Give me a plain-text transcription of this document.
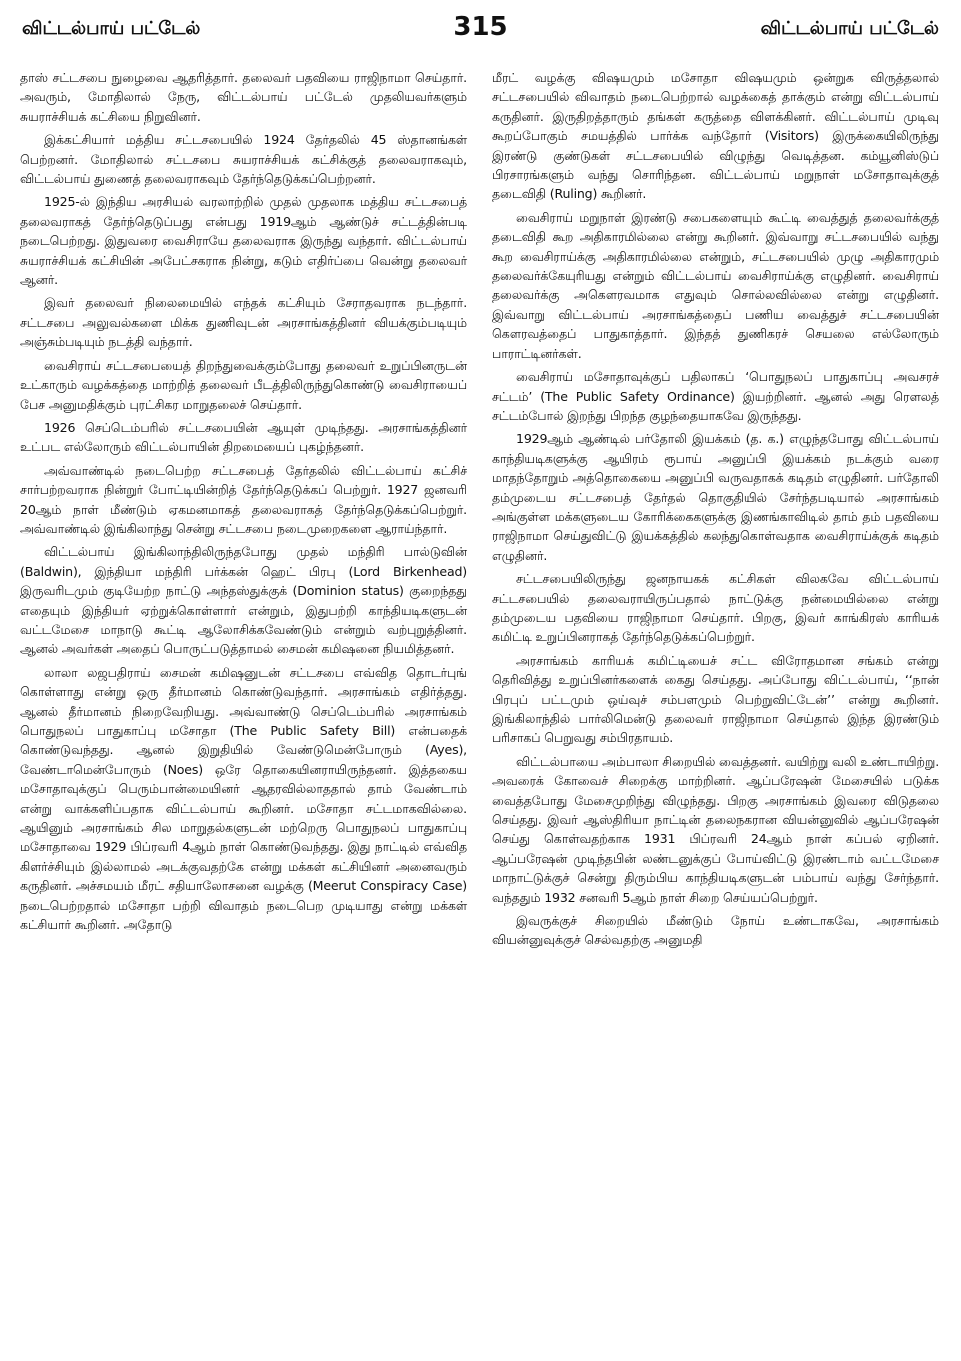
விட்டல்பாய் பட்டேல்	315	விட்டல்பாய் பட்டேல்

தாஸ் சட்டசபை நுழைவை ஆதரித்தார். தலைவர் பதவியை ராஜிநாமா செய்தார். அவரும், மோதிலால் நேரு, விட்டல்பாய் பட்டேல் முதலியவர்களும் சுயராச்சியக் கட்சியை நிறுவினர்.

இக்கட்சியார் மத்திய சட்டசபையில் 1924 தேர்தலில் 45 ஸ்தானங்கள் பெற்றனர். மோதிலால் சட்டசபை சுயராச்சியக் கட்சிக்குத் தலைவராகவும், விட்டல்பாய் துணைத் தலைவராகவும் தேர்ந்தெடுக்கப்பெற்றனர்.

1925-ல் இந்திய அரசியல் வரலாற்றில் முதல் முதலாக மத்திய சட்டசபைத் தலைவராகத் தேர்ந்தெடுப்பது என்பது 1919ஆம் ஆண்டுச் சட்டத்தின்படி நடைபெற்றது. இதுவரை வைசிராயே தலைவராக இருந்து வந்தார். விட்டல்பாய் சுயராச்சியக் கட்சியின் அபேட்சகராக நின்று, கடும் எதிர்ப்பை வென்று தலைவர் ஆனர்.

இவர் தலைவர் நிலைமையில் எந்தக் கட்சியும் சேராதவராக நடந்தார். சட்டசபை அலுவல்களை மிக்க துணிவுடன் அரசாங்கத்தினர் வியக்கும்படியும் அஞ்சும்படியும் நடத்தி வந்தார்.

வைசிராய் சட்டசபையைத் திறந்துவைக்கும்போது தலைவர் உறுப்பினருடன் உட்காரும் வழக்கத்தை மாற்றித் தலைவர் பீடத்திலிருந்துகொண்டு வைசிராயைப் பேச அனுமதிக்கும் புரட்சிகர மாறுதலைச் செய்தார்.

1926 செப்டெம்பரில் சட்டசபையின் ஆயுள் முடிந்தது. அரசாங்கத்தினர் உட்பட எல்லோரும் விட்டல்பாயின் திறமையைப் புகழ்ந்தனர்.

அவ்வாண்டில் நடைபெற்ற சட்டசபைத் தேர்தலில் விட்டல்பாய் கட்சிச் சார்பற்றவராக நின்றுர் போட்டியின்றித் தேர்ந்தெடுக்கப் பெற்றுர். 1927 ஜனவரி 20ஆம் நாள் மீண்டும் ஏகமனமாகத் தலைவராகத் தேர்ந்தெடுக்கப்பெற்றுர். அவ்வாண்டில் இங்கிலாந்து சென்று சட்டசபை நடைமுறைகளை ஆராய்ந்தார்.

விட்டல்பாய் இங்கிலாந்திலிருந்தபோது முதல் மந்திரி பால்டுவின் (Baldwin), இந்தியா மந்திரி பர்க்கன் ஹெட் பிரபு (Lord Birkenhead) இருவரிடமும் குடியேற்ற நாட்டு அந்தஸ்துக்குக் (Dominion status) குறைந்தது எதையும் இந்தியர் ஏற்றுக்கொள்ளார் என்றும், இதுபற்றி காந்தியடிகளுடன் வட்டமேசை மாநாடு கூட்டி ஆலோசிக்கவேண்டும் என்றும் வற்புறுத்தினர். ஆனல் அவர்கள் அதைப் பொருட்படுத்தாமல் சைமன் கமிஷனை நியமித்தனர்.

லாலா லஜபதிராய் சைமன் கமிஷனுடன் சட்டசபை எவ்வித தொடர்புங் கொள்ளாது என்று ஒரு தீர்மானம் கொண்டுவந்தார். அரசாங்கம் எதிர்த்தது. ஆனல் தீர்மானம் நிறைவேறியது. அவ்வாண்டு செப்டெம்பரில் அரசாங்கம் பொதுநலப் பாதுகாப்பு மசோதா (The Public Safety Bill) என்பதைக் கொண்டுவந்தது. ஆனல் இறுதியில் வேண்டுமென்போரும் (Ayes), வேண்டாமென்போரும் (Noes) ஒரே தொகையினராயிருந்தனர். இத்தகைய மசோதாவுக்குப் பெரும்பான்மையினர் ஆதரவில்லாததால் தாம் வேண்டாம் என்று வாக்களிப்பதாக விட்டல்பாய் கூறினர். மசோதா சட்டமாகவில்லை. ஆயினும் அரசாங்கம் சில மாறுதல்களுடன் மற்றெரு பொதுநலப் பாதுகாப்பு மசோதாவை 1929 பிப்ரவரி 4ஆம் நாள் கொண்டுவந்தது. இது நாட்டில் எவ்வித கிளர்ச்சியும் இல்லாமல் அடக்குவதற்கே என்று மக்கள் கட்சியினர் அனைவரும் கருதினர். அச்சமயம் மீரட் சதியாலோசனை வழக்கு (Meerut Conspiracy Case) நடைபெற்றதால் மசோதா பற்றி விவாதம் நடைபெற முடியாது என்று மக்கள் கட்சியார் கூறினர். அதோடு

மீரட் வழக்கு விஷயமும் மசோதா விஷயமும் ஒன்றுக விருத்தலால் சட்டசபையில் விவாதம் நடைபெற்றால் வழக்கைத் தாக்கும் என்று விட்டல்பாய் கருதினர். இருதிறத்தாரும் தங்கள் கருத்தை விளக்கினர். விட்டல்பாய் முடிவு கூறப்போகும் சமயத்தில் பார்க்க வந்தோர் (Visitors) இருக்கையிலிருந்து இரண்டு குண்டுகள் சட்டசபையில் விழுந்து வெடித்தன. கம்யூனிஸ்டுப் பிரசாரங்களும் வந்து சொரிந்தன. விட்டல்பாய் மறுநாள் மசோதாவுக்குத் தடைவிதி (Ruling) கூறினர்.

வைசிராய் மறுநாள் இரண்டு சபைகளையும் கூட்டி வைத்துத் தலைவர்க்குத் தடைவிதி கூற அதிகாரமில்லை என்று கூறினர். இவ்வாறு சட்டசபையில் வந்து கூற வைசிராய்க்கு அதிகாரமில்லை என்றும், சட்டசபையில் முழு அதிகாரமும் தலைவர்க்கேயுரியது என்றும் விட்டல்பாய் வைசிராய்க்கு எழுதினர். வைசிராய் தலைவர்க்கு அகௌரவமாக எதுவும் சொல்லவில்லை என்று எழுதினர். இவ்வாறு விட்டல்பாய் அரசாங்கத்தைப் பணிய வைத்துச் சட்டசபையின் கௌரவத்தைப் பாதுகாத்தார். இந்தத் துணிகரச் செயலை எல்லோரும் பாராட்டினர்கள்.

வைசிராய் மசோதாவுக்குப் பதிலாகப் ‘பொதுநலப் பாதுகாப்பு அவசரச் சட்டம்’ (The Public Safety Ordinance) இயற்றினர். ஆனல் அது ரௌலத் சட்டம்போல் இறந்து பிறந்த குழந்தையாகவே இருந்தது.

1929ஆம் ஆண்டில் பர்தோலி இயக்கம் (த. க.) எழுந்தபோது விட்டல்பாய் காந்தியடிகளுக்கு ஆயிரம் ரூபாய் அனுப்பி இயக்கம் நடக்கும் வரை மாதந்தோறும் அத்தொகையை அனுப்பி வருவதாகக் கடிதம் எழுதினர். பர்தோலி தம்முடைய சட்டசபைத் தேர்தல் தொகுதியில் சேர்ந்தபடியால் அரசாங்கம் அங்குள்ள மக்களுடைய கோரிக்கைகளுக்கு இணங்காவிடில் தாம் தம் பதவியை ராஜிநாமா செய்துவிட்டு இயக்கத்தில் கலந்துகொள்வதாக வைசிராய்க்குக் கடிதம் எழுதினர்.

சட்டசபையிலிருந்து ஜனநாயகக் கட்சிகள் விலகவே விட்டல்பாய் சட்டசபையில் தலைவராயிருப்பதால் நாட்டுக்கு நன்மையில்லை என்று தம்முடைய பதவியை ராஜிநாமா செய்தார். பிறகு, இவர் காங்கிரஸ் காரியக் கமிட்டி உறுப்பினராகத் தேர்ந்தெடுக்கப்பெற்றுர்.

அரசாங்கம் காரியக் கமிட்டியைச் சட்ட விரோதமான சங்கம் என்று தெரிவித்து உறுப்பினர்களைக் கைது செய்தது. அப்போது விட்டல்பாய், ‘‘நான் பிரபுப் பட்டமும் ஒய்வுச் சம்பளமும் பெற்றுவிட்டேன்’’ என்று கூறினர். இங்கிலாந்தில் பார்லிமென்டு தலைவர் ராஜிநாமா செய்தால் இந்த இரண்டும் பரிசாகப் பெறுவது சம்பிரதாயம்.

விட்டல்பாயை அம்பாலா சிறையில் வைத்தனர். வயிற்று வலி உண்டாயிற்று. அவரைக் கோவைச் சிறைக்கு மாற்றினர். ஆப்பரேஷன் மேசையில் படுக்க வைத்தபோது மேசைமுறிந்து விழுந்தது. பிறகு அரசாங்கம் இவரை விடுதலை செய்தது. இவர் ஆஸ்திரியா நாட்டின் தலைநகரான வியன்னுவில் ஆப்பரேஷன் செய்து கொள்வதற்காக 1931 பிப்ரவரி 24ஆம் நாள் கப்பல் ஏறினர். ஆப்பரேஷன் முடிந்தபின் லண்டனுக்குப் போய்விட்டு இரண்டாம் வட்டமேசை மாநாட்டுக்குச் சென்று திரும்பிய காந்தியடிகளுடன் பம்பாய் வந்து சேர்ந்தார். வந்ததும் 1932 சனவரி 5ஆம் நாள் சிறை செய்யப்பெற்றுர்.

இவருக்குச் சிறையில் மீண்டும் நோய் உண்டாகவே, அரசாங்கம் வியன்னுவுக்குச் செல்வதற்கு அனுமதி
